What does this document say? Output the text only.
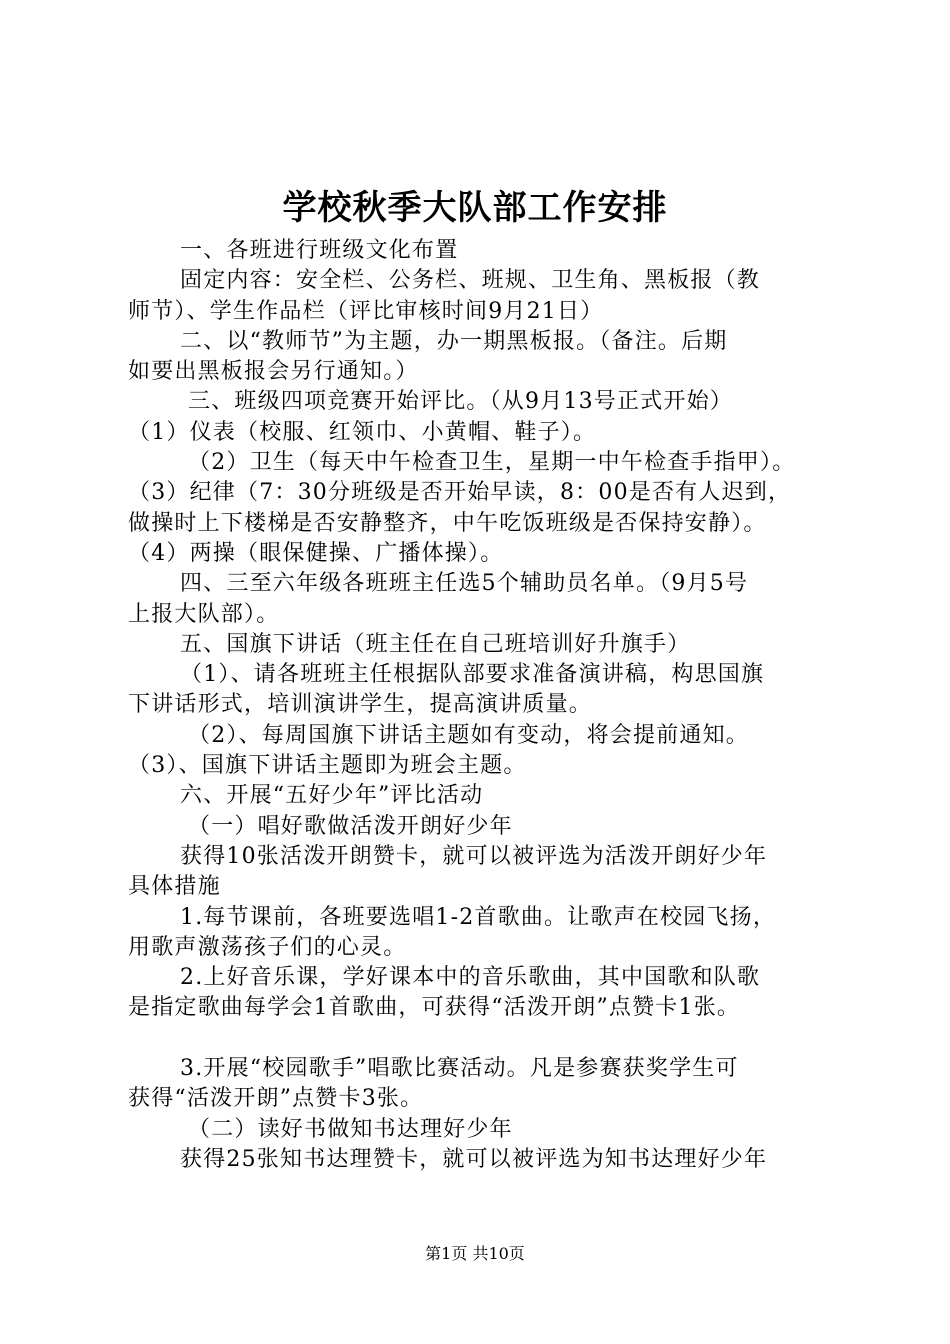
学校秋季大队部工作安排
一、各班进行班级文化布置
固定内容：安全栏、公务栏、班规、卫生角、黑板报（教
师节）、学生作品栏（评比审核时间9月21日）
二、以“教师节”为主题，办一期黑板报。（备注。后期
如要出黑板报会另行通知。）
三、班级四项竞赛开始评比。（从9月13号正式开始）
（1）仪表（校服、红领巾、小黄帽、鞋子）。
（2）卫生（每天中午检查卫生，星期一中午检查手指甲）。
（3）纪律（7：30分班级是否开始早读，8：00是否有人迟到，
做操时上下楼梯是否安静整齐，中午吃饭班级是否保持安静）。
（4）两操（眼保健操、广播体操）。
四、三至六年级各班班主任选5个辅助员名单。（9月5号
上报大队部）。
五、国旗下讲话（班主任在自己班培训好升旗手）
（1）、请各班班主任根据队部要求准备演讲稿，构思国旗
下讲话形式，培训演讲学生，提高演讲质量。
（2）、每周国旗下讲话主题如有变动，将会提前通知。
（3）、国旗下讲话主题即为班会主题。
六、开展“五好少年”评比活动
（一）唱好歌做活泼开朗好少年
获得10张活泼开朗赞卡，就可以被评选为活泼开朗好少年
具体措施
1.每节课前，各班要选唱1-2首歌曲。让歌声在校园飞扬，
用歌声激荡孩子们的心灵。
2.上好音乐课，学好课本中的音乐歌曲，其中国歌和队歌
是指定歌曲每学会1首歌曲，可获得“活泼开朗”点赞卡1张。
3.开展“校园歌手”唱歌比赛活动。凡是参赛获奖学生可
获得“活泼开朗”点赞卡3张。
（二）读好书做知书达理好少年
获得25张知书达理赞卡，就可以被评选为知书达理好少年
第1页 共10页
